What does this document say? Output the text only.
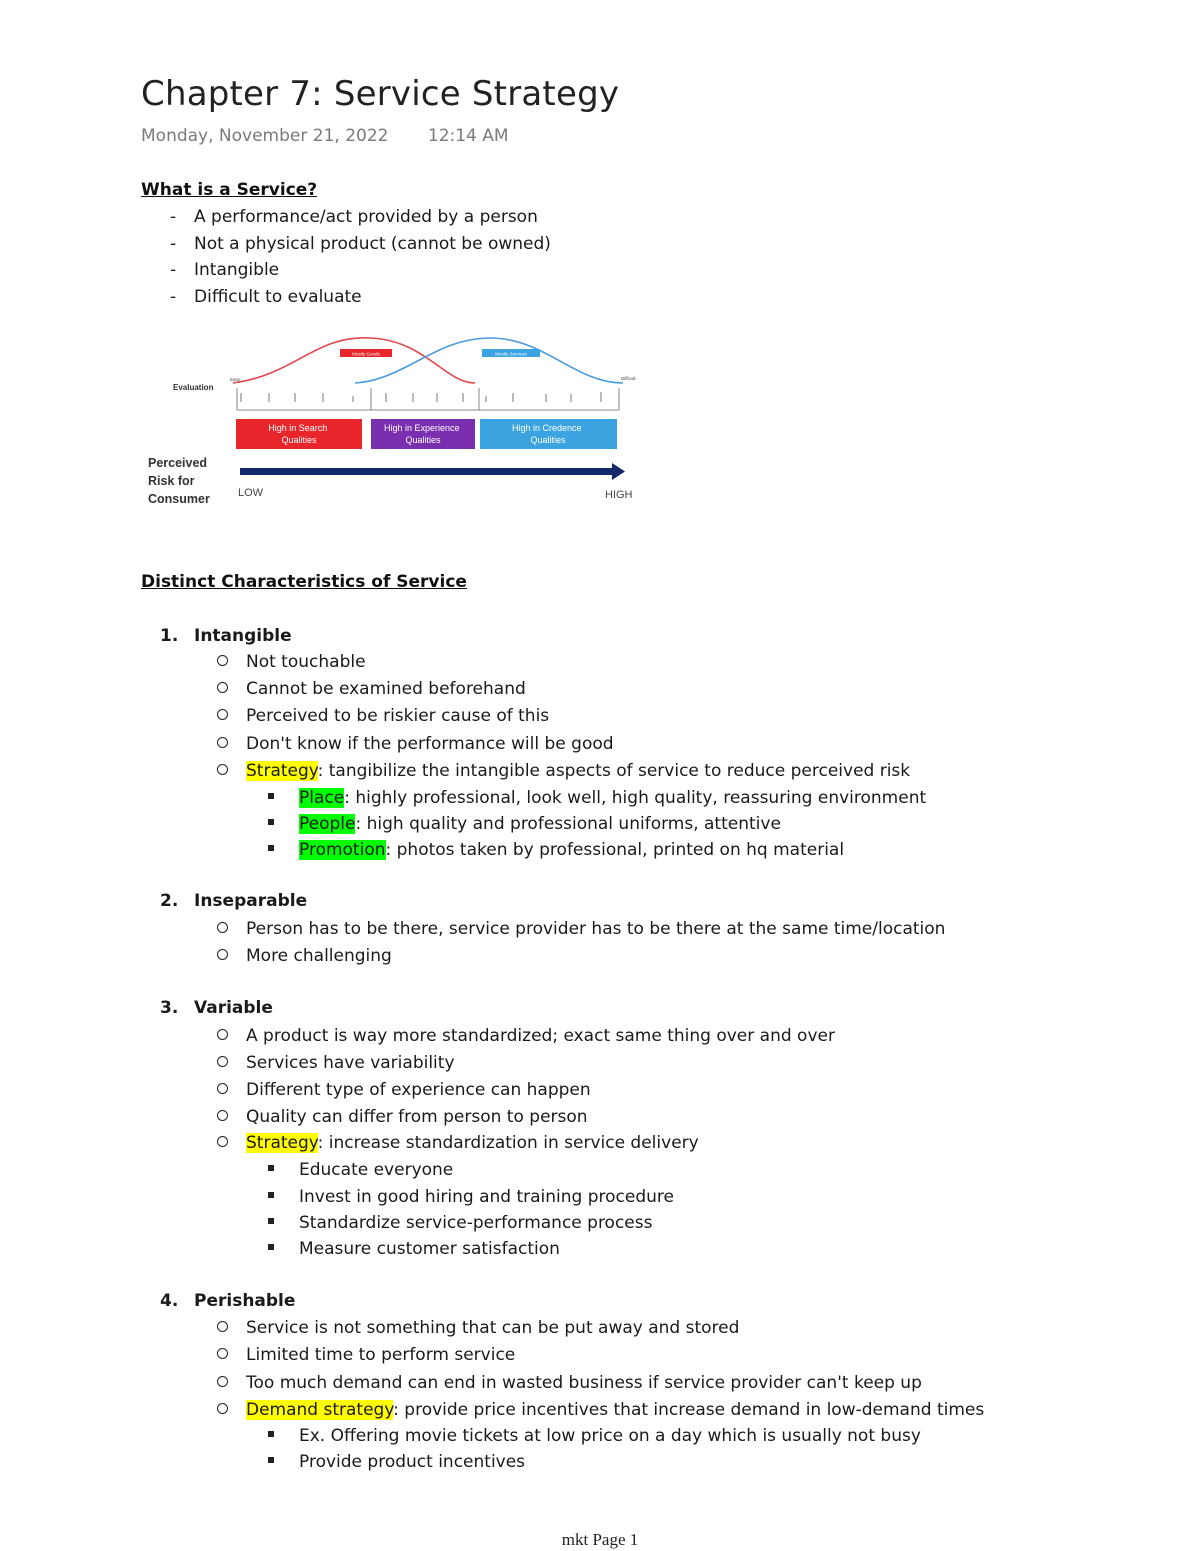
Chapter 7: Service Strategy
Monday, November 21, 2022 12:14 AM
What is a Service?
- A performance/act provided by a person
- Not a physical product (cannot be owned)
- Intangible
- Difficult to evaluate
Mostly Goods	Mostly Services
Evaluation
Easy	Difficult
High in Search Qualities
High in Experience Qualities
High in Credence Qualities
Perceived Risk for Consumer	LOW	HIGH
Distinct Characteristics of Service
1. Intangible
Not touchable
Cannot be examined beforehand
Perceived to be riskier cause of this
Don't know if the performance will be good
Strategy: tangibilize the intangible aspects of service to reduce perceived risk
Place: highly professional, look well, high quality, reassuring environment
People: high quality and professional uniforms, attentive
Promotion: photos taken by professional, printed on hq material
2. Inseparable
Person has to be there, service provider has to be there at the same time/location
More challenging
3. Variable
A product is way more standardized; exact same thing over and over
Services have variability
Different type of experience can happen
Quality can differ from person to person
Strategy: increase standardization in service delivery
Educate everyone
Invest in good hiring and training procedure
Standardize service-performance process
Measure customer satisfaction
4. Perishable
Service is not something that can be put away and stored
Limited time to perform service
Too much demand can end in wasted business if service provider can't keep up
Demand strategy: provide price incentives that increase demand in low-demand times
Ex. Offering movie tickets at low price on a day which is usually not busy
Provide product incentives
mkt Page 1
